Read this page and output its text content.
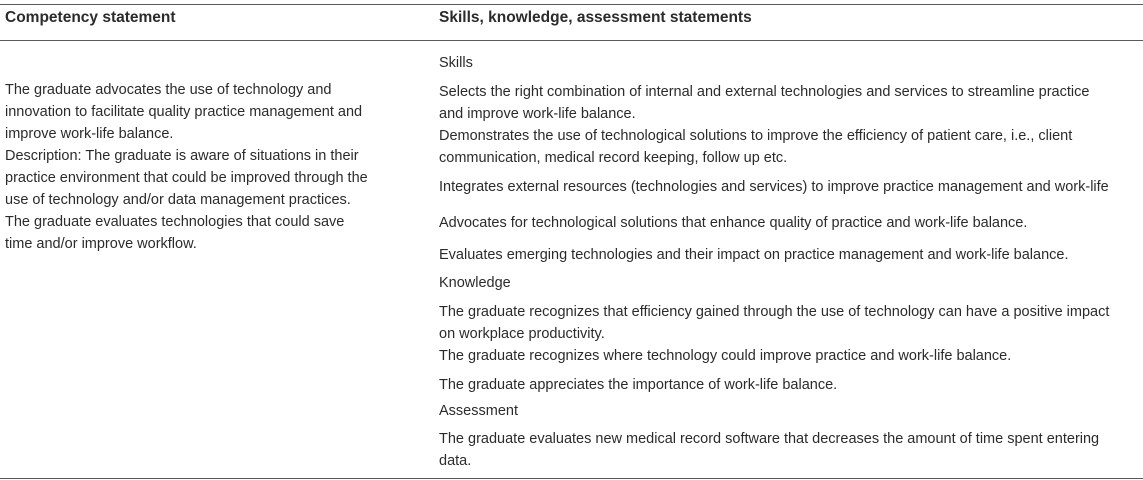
Competency statement	Skills, knowledge, assessment statements

The graduate advocates the use of technology and

innovation to facilitate quality practice management and

improve work-life balance.

Description: The graduate is aware of situations in their

practice environment that could be improved through the

use of technology and/or data management practices.

The graduate evaluates technologies that could save

time and/or improve workflow.

Skills
Selects the right combination of internal and external technologies and services to streamline practice
and improve work-life balance.
Demonstrates the use of technological solutions to improve the efficiency of patient care, i.e., client
communication, medical record keeping, follow up etc.
Integrates external resources (technologies and services) to improve practice management and work-life
Advocates for technological solutions that enhance quality of practice and work-life balance.
Evaluates emerging technologies and their impact on practice management and work-life balance.
Knowledge
The graduate recognizes that efficiency gained through the use of technology can have a positive impact
on workplace productivity.
The graduate recognizes where technology could improve practice and work-life balance.
The graduate appreciates the importance of work-life balance.
Assessment
The graduate evaluates new medical record software that decreases the amount of time spent entering
data.
